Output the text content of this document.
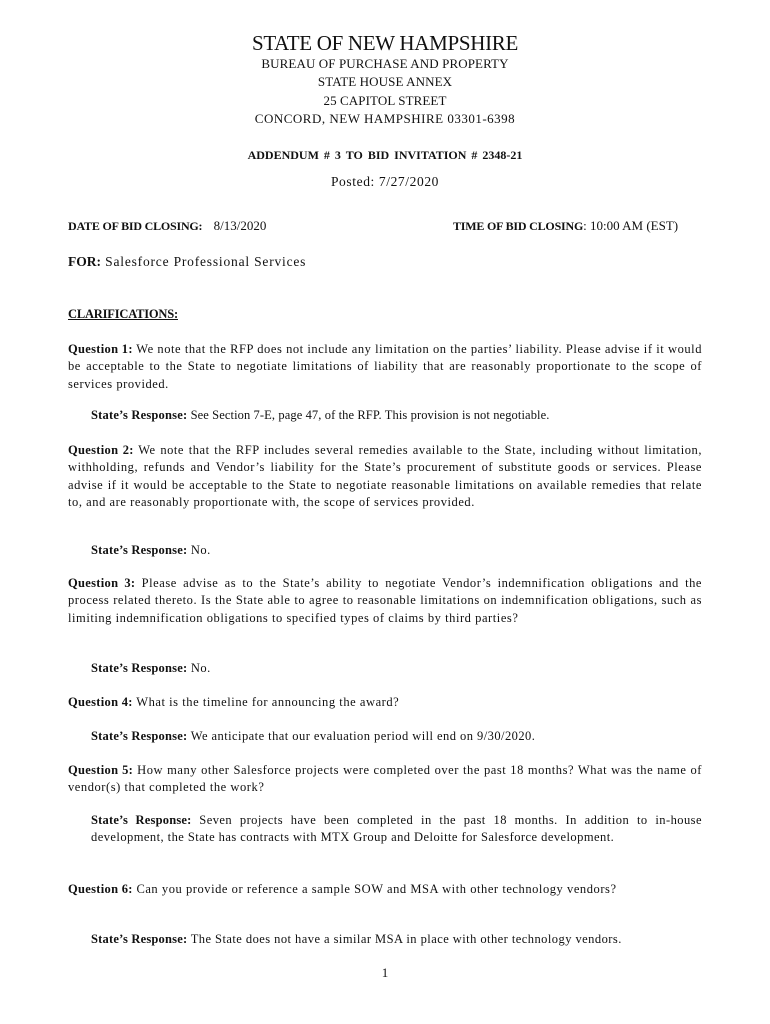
STATE OF NEW HAMPSHIRE
BUREAU OF PURCHASE AND PROPERTY
STATE HOUSE ANNEX
25 CAPITOL STREET
CONCORD, NEW HAMPSHIRE 03301-6398
ADDENDUM # 3 TO BID INVITATION # 2348-21
Posted: 7/27/2020
DATE OF BID CLOSING: 8/13/2020	TIME OF BID CLOSING: 10:00 AM (EST)
FOR: Salesforce Professional Services
CLARIFICATIONS:
Question 1: We note that the RFP does not include any limitation on the parties’ liability. Please advise if it would be acceptable to the State to negotiate limitations of liability that are reasonably proportionate to the scope of services provided.
State’s Response: See Section 7-E, page 47, of the RFP. This provision is not negotiable.
Question 2: We note that the RFP includes several remedies available to the State, including without limitation, withholding, refunds and Vendor’s liability for the State’s procurement of substitute goods or services. Please advise if it would be acceptable to the State to negotiate reasonable limitations on available remedies that relate to, and are reasonably proportionate with, the scope of services provided.
State’s Response: No.
Question 3: Please advise as to the State’s ability to negotiate Vendor’s indemnification obligations and the process related thereto. Is the State able to agree to reasonable limitations on indemnification obligations, such as limiting indemnification obligations to specified types of claims by third parties?
State’s Response: No.
Question 4: What is the timeline for announcing the award?
State’s Response: We anticipate that our evaluation period will end on 9/30/2020.
Question 5: How many other Salesforce projects were completed over the past 18 months? What was the name of vendor(s) that completed the work?
State’s Response: Seven projects have been completed in the past 18 months. In addition to in-house development, the State has contracts with MTX Group and Deloitte for Salesforce development.
Question 6: Can you provide or reference a sample SOW and MSA with other technology vendors?
State’s Response: The State does not have a similar MSA in place with other technology vendors.
1
